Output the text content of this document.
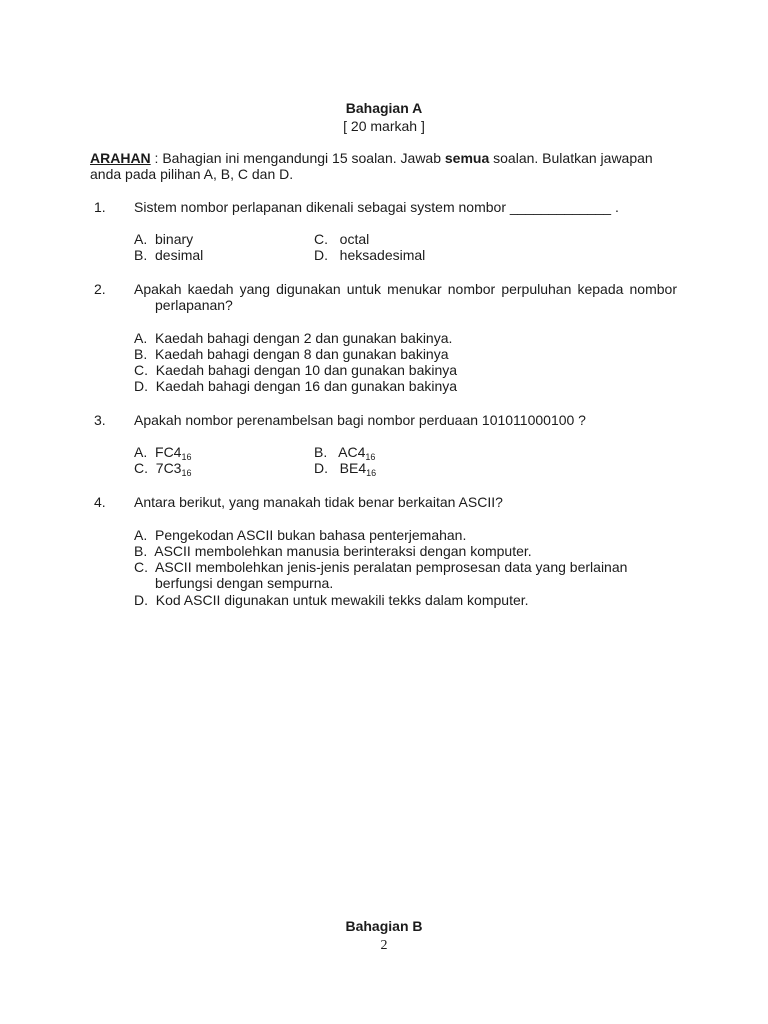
Bahagian A
[ 20 markah ]
ARAHAN : Bahagian ini mengandungi 15 soalan. Jawab semua soalan. Bulatkan jawapan
anda pada pilihan A, B, C dan D.
1. Sistem nombor perlapanan dikenali sebagai system nombor _____________ .
A. binary
B. desimal
C. octal
D. heksadesimal
2. Apakah kaedah yang digunakan untuk menukar nombor perpuluhan kepada nombor
perlapanan?
A. Kaedah bahagi dengan 2 dan gunakan bakinya.
B. Kaedah bahagi dengan 8 dan gunakan bakinya
C. Kaedah bahagi dengan 10 dan gunakan bakinya
D. Kaedah bahagi dengan 16 dan gunakan bakinya
3. Apakah nombor perenambelsan bagi nombor perduaan 101011000100 ?
A. $FC4_{16}$
C. $7C3_{16}$
B. $AC4_{16}$
D. $BE4_{16}$
4. Antara berikut, yang manakah tidak benar berkaitan ASCII?
A. Pengekodan ASCII bukan bahasa penterjemahan.
B. ASCII membolehkan manusia berinteraksi dengan komputer.
C. ASCII membolehkan jenis-jenis peralatan pemprosesan data yang berlainan
berfungsi dengan sempurna.
D. Kod ASCII digunakan untuk mewakili tekks dalam komputer.
Bahagian B
2
